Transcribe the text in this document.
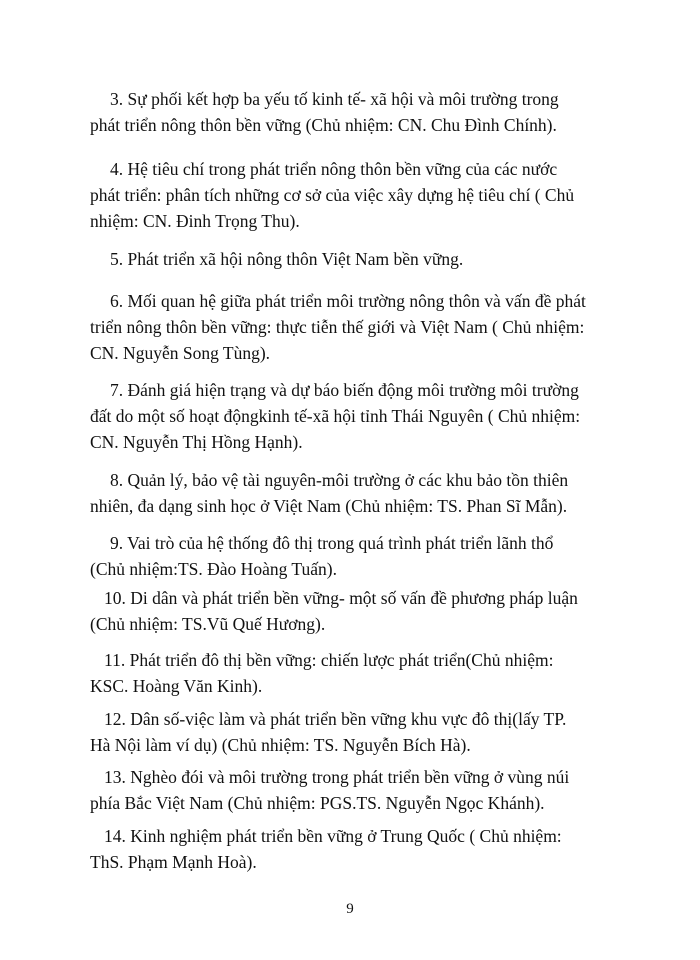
3. Sự phối kết hợp ba yếu tố kinh tế- xã hội và môi trường trong phát triển nông thôn bền vững (Chủ nhiệm: CN. Chu Đình Chính).

4. Hệ tiêu chí trong phát triển nông thôn bền vững của các nước phát triển: phân tích những cơ sở của việc xây dựng hệ tiêu chí ( Chủ nhiệm: CN. Đinh Trọng Thu).

5. Phát triển xã hội nông thôn Việt Nam bền vững.

6. Mối quan hệ giữa phát triển môi trường nông thôn và vấn đề phát triển nông thôn bền vững: thực tiễn thế giới và Việt Nam ( Chủ nhiệm: CN. Nguyễn Song Tùng).

7. Đánh giá hiện trạng và dự báo biến động môi trường môi trường đất do một số hoạt độngkinh tế-xã hội tỉnh Thái Nguyên ( Chủ nhiệm: CN. Nguyễn Thị Hồng Hạnh).

8. Quản lý, bảo vệ tài nguyên-môi trường ở các khu bảo tồn thiên nhiên, đa dạng sinh học ở Việt Nam (Chủ nhiệm: TS. Phan Sĩ Mẫn).

9. Vai trò của hệ thống đô thị trong quá trình phát triển lãnh thổ (Chủ nhiệm:TS. Đào Hoàng Tuấn).

10. Di dân và phát triển bền vững- một số vấn đề phương pháp luận (Chủ nhiệm: TS.Vũ Quế Hương).

11. Phát triển đô thị bền vững: chiến lược phát triển(Chủ nhiệm: KSC. Hoàng Văn Kinh).

12. Dân số-việc làm và phát triển bền vững khu vực đô thị(lấy TP. Hà Nội làm ví dụ) (Chủ nhiệm: TS. Nguyễn Bích Hà).

13. Nghèo đói và môi trường trong phát triển bền vững ở vùng núi phía Bắc Việt Nam (Chủ nhiệm: PGS.TS. Nguyễn Ngọc Khánh).

14. Kinh nghiệm phát triển bền vững ở Trung Quốc ( Chủ nhiệm: ThS. Phạm Mạnh Hoà).

9
